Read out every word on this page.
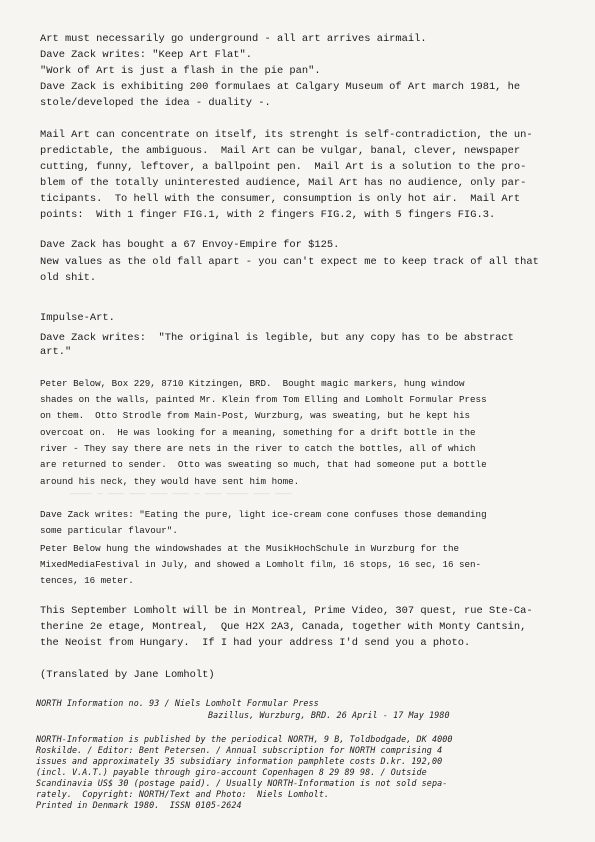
Art must necessarily go underground - all art arrives airmail.

Dave Zack writes: "Keep Art Flat".

"Work of Art is just a flash in the pie pan".

Dave Zack is exhibiting 200 formulaes at Calgary Museum of Art march 1981, he

stole/developed the idea - duality -.

Mail Art can concentrate on itself, its strenght is self-contradiction, the un-

predictable, the ambiguous.  Mail Art can be vulgar, banal, clever, newspaper

cutting, funny, leftover, a ballpoint pen.  Mail Art is a solution to the pro-

blem of the totally uninterested audience, Mail Art has no audience, only par-

ticipants.  To hell with the consumer, consumption is only hot air.  Mail Art

points:  With 1 finger FIG.1, with 2 fingers FIG.2, with 5 fingers FIG.3.

Dave Zack has bought a 67 Envoy-Empire for $125.

New values as the old fall apart - you can't expect me to keep track of all that

old shit.

Impulse-Art.

Dave Zack writes:  "The original is legible, but any copy has to be abstract

art."

Peter Below, Box 229, 8710 Kitzingen, BRD.  Bought magic markers, hung window

shades on the walls, painted Mr. Klein from Tom Elling and Lomholt Formular Press

on them.  Otto Strodle from Main-Post, Wurzburg, was sweating, but he kept his

overcoat on.  He was looking for a meaning, something for a drift bottle in the

river - They say there are nets in the river to catch the bottles, all of which

are returned to sender.  Otto was sweating so much, that had someone put a bottle

around his neck, they would have sent him home.

———— — ——— ——— ——— ——— — ——— ———— ——— ———

Dave Zack writes: "Eating the pure, light ice-cream cone confuses those demanding

some particular flavour".

Peter Below hung the windowshades at the MusikHochSchule in Wurzburg for the

MixedMediaFestival in July, and showed a Lomholt film, 16 stops, 16 sec, 16 sen-

tences, 16 meter.

This September Lomholt will be in Montreal, Prime Video, 307 quest, rue Ste-Ca-

therine 2e etage, Montreal,  Que H2X 2A3, Canada, together with Monty Cantsin,

the Neoist from Hungary.  If I had your address I'd send you a photo.

(Translated by Jane Lomholt)

NORTH Information no. 93 / Niels Lomholt Formular Press

Bazillus, Wurzburg, BRD. 26 April - 17 May 1980

NORTH-Information is published by the periodical NORTH, 9 B, Toldbodgade, DK 4000

Roskilde. / Editor: Bent Petersen. / Annual subscription for NORTH comprising 4

issues and approximately 35 subsidiary information pamphlete costs D.kr. 192,00

(incl. V.A.T.) payable through giro-account Copenhagen 8 29 89 98. / Outside

Scandinavia US$ 30 (postage paid). / Usually NORTH-Information is not sold sepa-

rately.  Copyright: NORTH/Text and Photo:  Niels Lomholt.

Printed in Denmark 1980.  ISSN 0105-2624
